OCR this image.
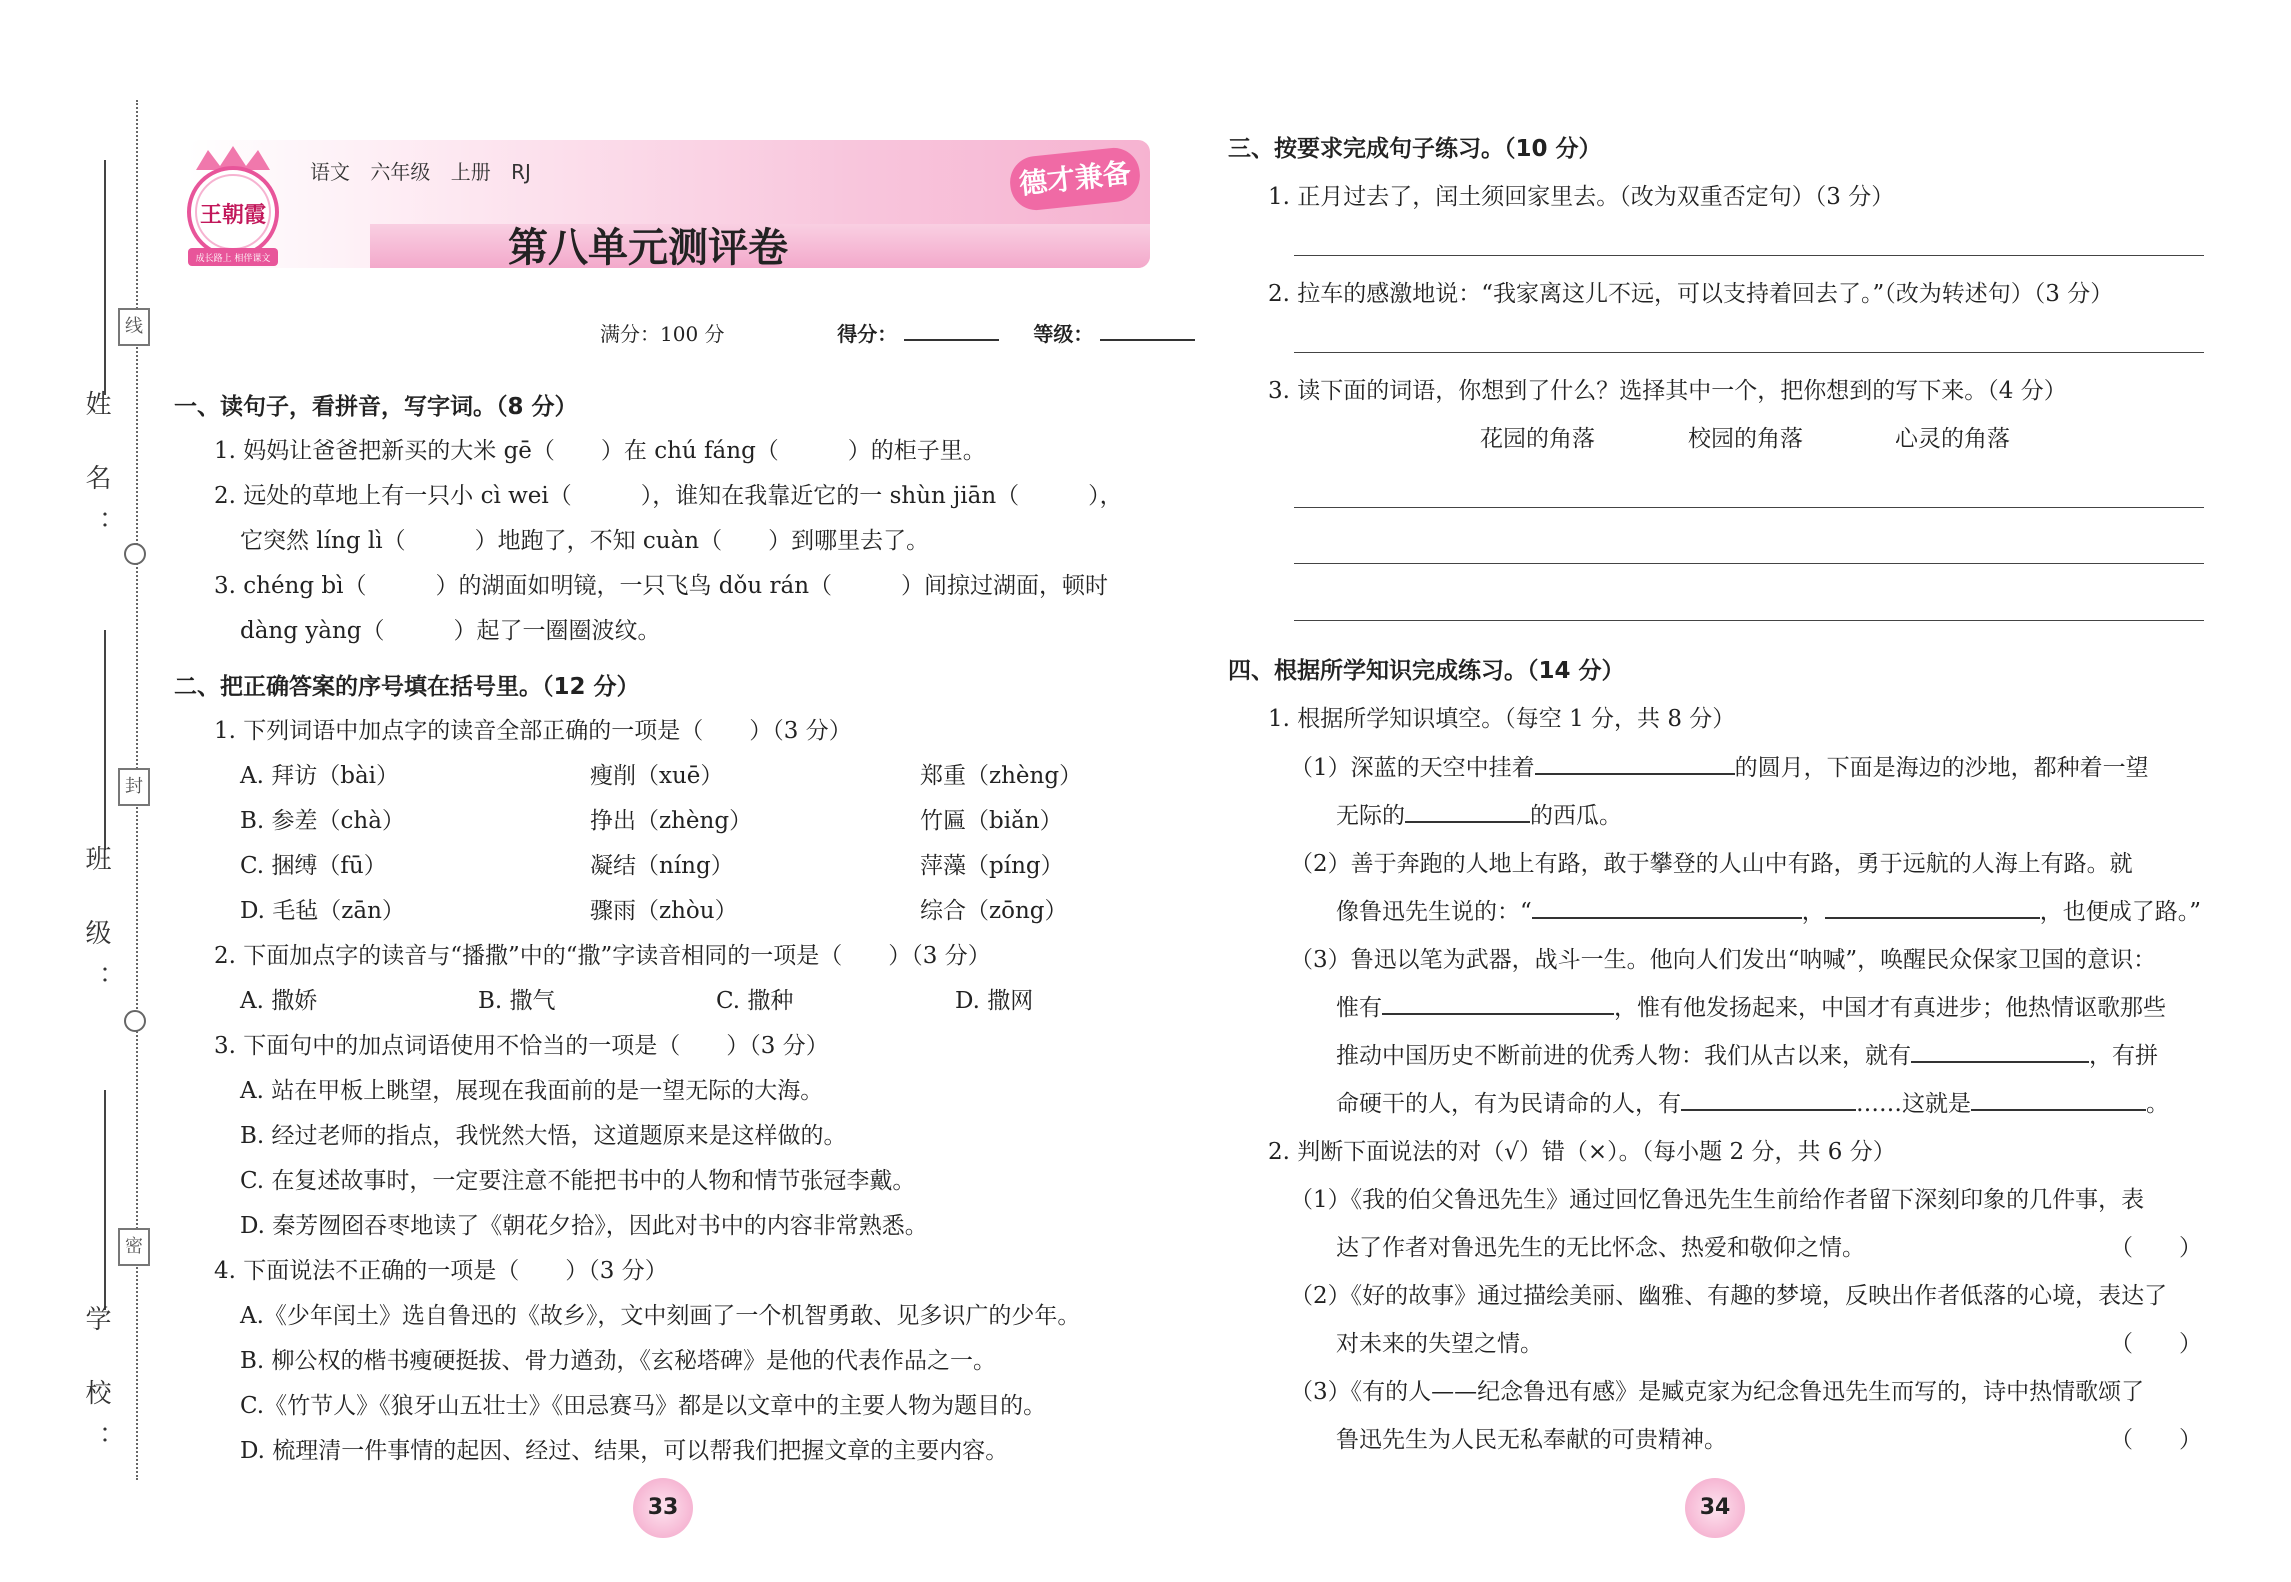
姓 名：
线
班 级：
封
学 校：
密
王朝霞
成长路上 相伴课文
语文 六年级 上册 RJ	德才兼备
第八单元测评卷
满分：100 分	得分：	等级：
一、读句子，看拼音，写字词。（8 分）
1. 妈妈让爸爸把新买的大米 gē（　　）在 chú fáng（　　　）的柜子里。
2. 远处的草地上有一只小 cì wei（　　　），谁知在我靠近它的一 shùn jiān（　　　），
它突然 líng lì（　　　）地跑了，不知 cuàn（　　）到哪里去了。
3. chéng bì（　　　）的湖面如明镜，一只飞鸟 dǒu rán（　　　）间掠过湖面，顿时
dàng yàng（　　　）起了一圈圈波纹。
二、把正确答案的序号填在括号里。（12 分）
1. 下列词语中加点字的读音全部正确的一项是（　　）（3 分）
A. 拜访（bài）	瘦削（xuē）	郑重（zhèng）
B. 参差（chà）	挣出（zhèng）	竹匾（biǎn）
C. 捆缚（fū）	凝结（níng）	萍藻（píng）
D. 毛毡（zān）	骤雨（zhòu）	综合（zōng）
2. 下面加点字的读音与“播撒”中的“撒”字读音相同的一项是（　　）（3 分）
A. 撒娇	B. 撒气	C. 撒种	D. 撒网
3. 下面句中的加点词语使用不恰当的一项是（　　）（3 分）
A. 站在甲板上眺望，展现在我面前的是一望无际的大海。
B. 经过老师的指点，我恍然大悟，这道题原来是这样做的。
C. 在复述故事时，一定要注意不能把书中的人物和情节张冠李戴。
D. 秦芳囫囵吞枣地读了《朝花夕拾》，因此对书中的内容非常熟悉。
4. 下面说法不正确的一项是（　　）（3 分）
A.《少年闰土》选自鲁迅的《故乡》，文中刻画了一个机智勇敢、见多识广的少年。
B. 柳公权的楷书瘦硬挺拔、骨力遒劲，《玄秘塔碑》是他的代表作品之一。
C.《竹节人》《狼牙山五壮士》《田忌赛马》都是以文章中的主要人物为题目的。
D. 梳理清一件事情的起因、经过、结果，可以帮我们把握文章的主要内容。
33
三、按要求完成句子练习。（10 分）
1. 正月过去了，闰土须回家里去。（改为双重否定句）（3 分）
2. 拉车的感激地说：“我家离这儿不远，可以支持着回去了。”（改为转述句）（3 分）
3. 读下面的词语，你想到了什么？选择其中一个，把你想到的写下来。（4 分）
花园的角落	校园的角落	心灵的角落
四、根据所学知识完成练习。（14 分）
1. 根据所学知识填空。（每空 1 分，共 8 分）
（1）深蓝的天空中挂着	的圆月，下面是海边的沙地，都种着一望
无际的	的西瓜。
（2）善于奔跑的人地上有路，敢于攀登的人山中有路，勇于远航的人海上有路。就
像鲁迅先生说的：“	，	，也便成了路。”
（3）鲁迅以笔为武器，战斗一生。他向人们发出“呐喊”，唤醒民众保家卫国的意识：
惟有	，惟有他发扬起来，中国才有真进步；他热情讴歌那些
推动中国历史不断前进的优秀人物：我们从古以来，就有	，有拼
命硬干的人，有为民请命的人，有	……这就是	。
2. 判断下面说法的对（√）错（×）。（每小题 2 分，共 6 分）
（1）《我的伯父鲁迅先生》通过回忆鲁迅先生生前给作者留下深刻印象的几件事，表
达了作者对鲁迅先生的无比怀念、热爱和敬仰之情。	（　　）
（2）《好的故事》通过描绘美丽、幽雅、有趣的梦境，反映出作者低落的心境，表达了
对未来的失望之情。	（　　）
（3）《有的人——纪念鲁迅有感》是臧克家为纪念鲁迅先生而写的，诗中热情歌颂了
鲁迅先生为人民无私奉献的可贵精神。	（　　）
34
